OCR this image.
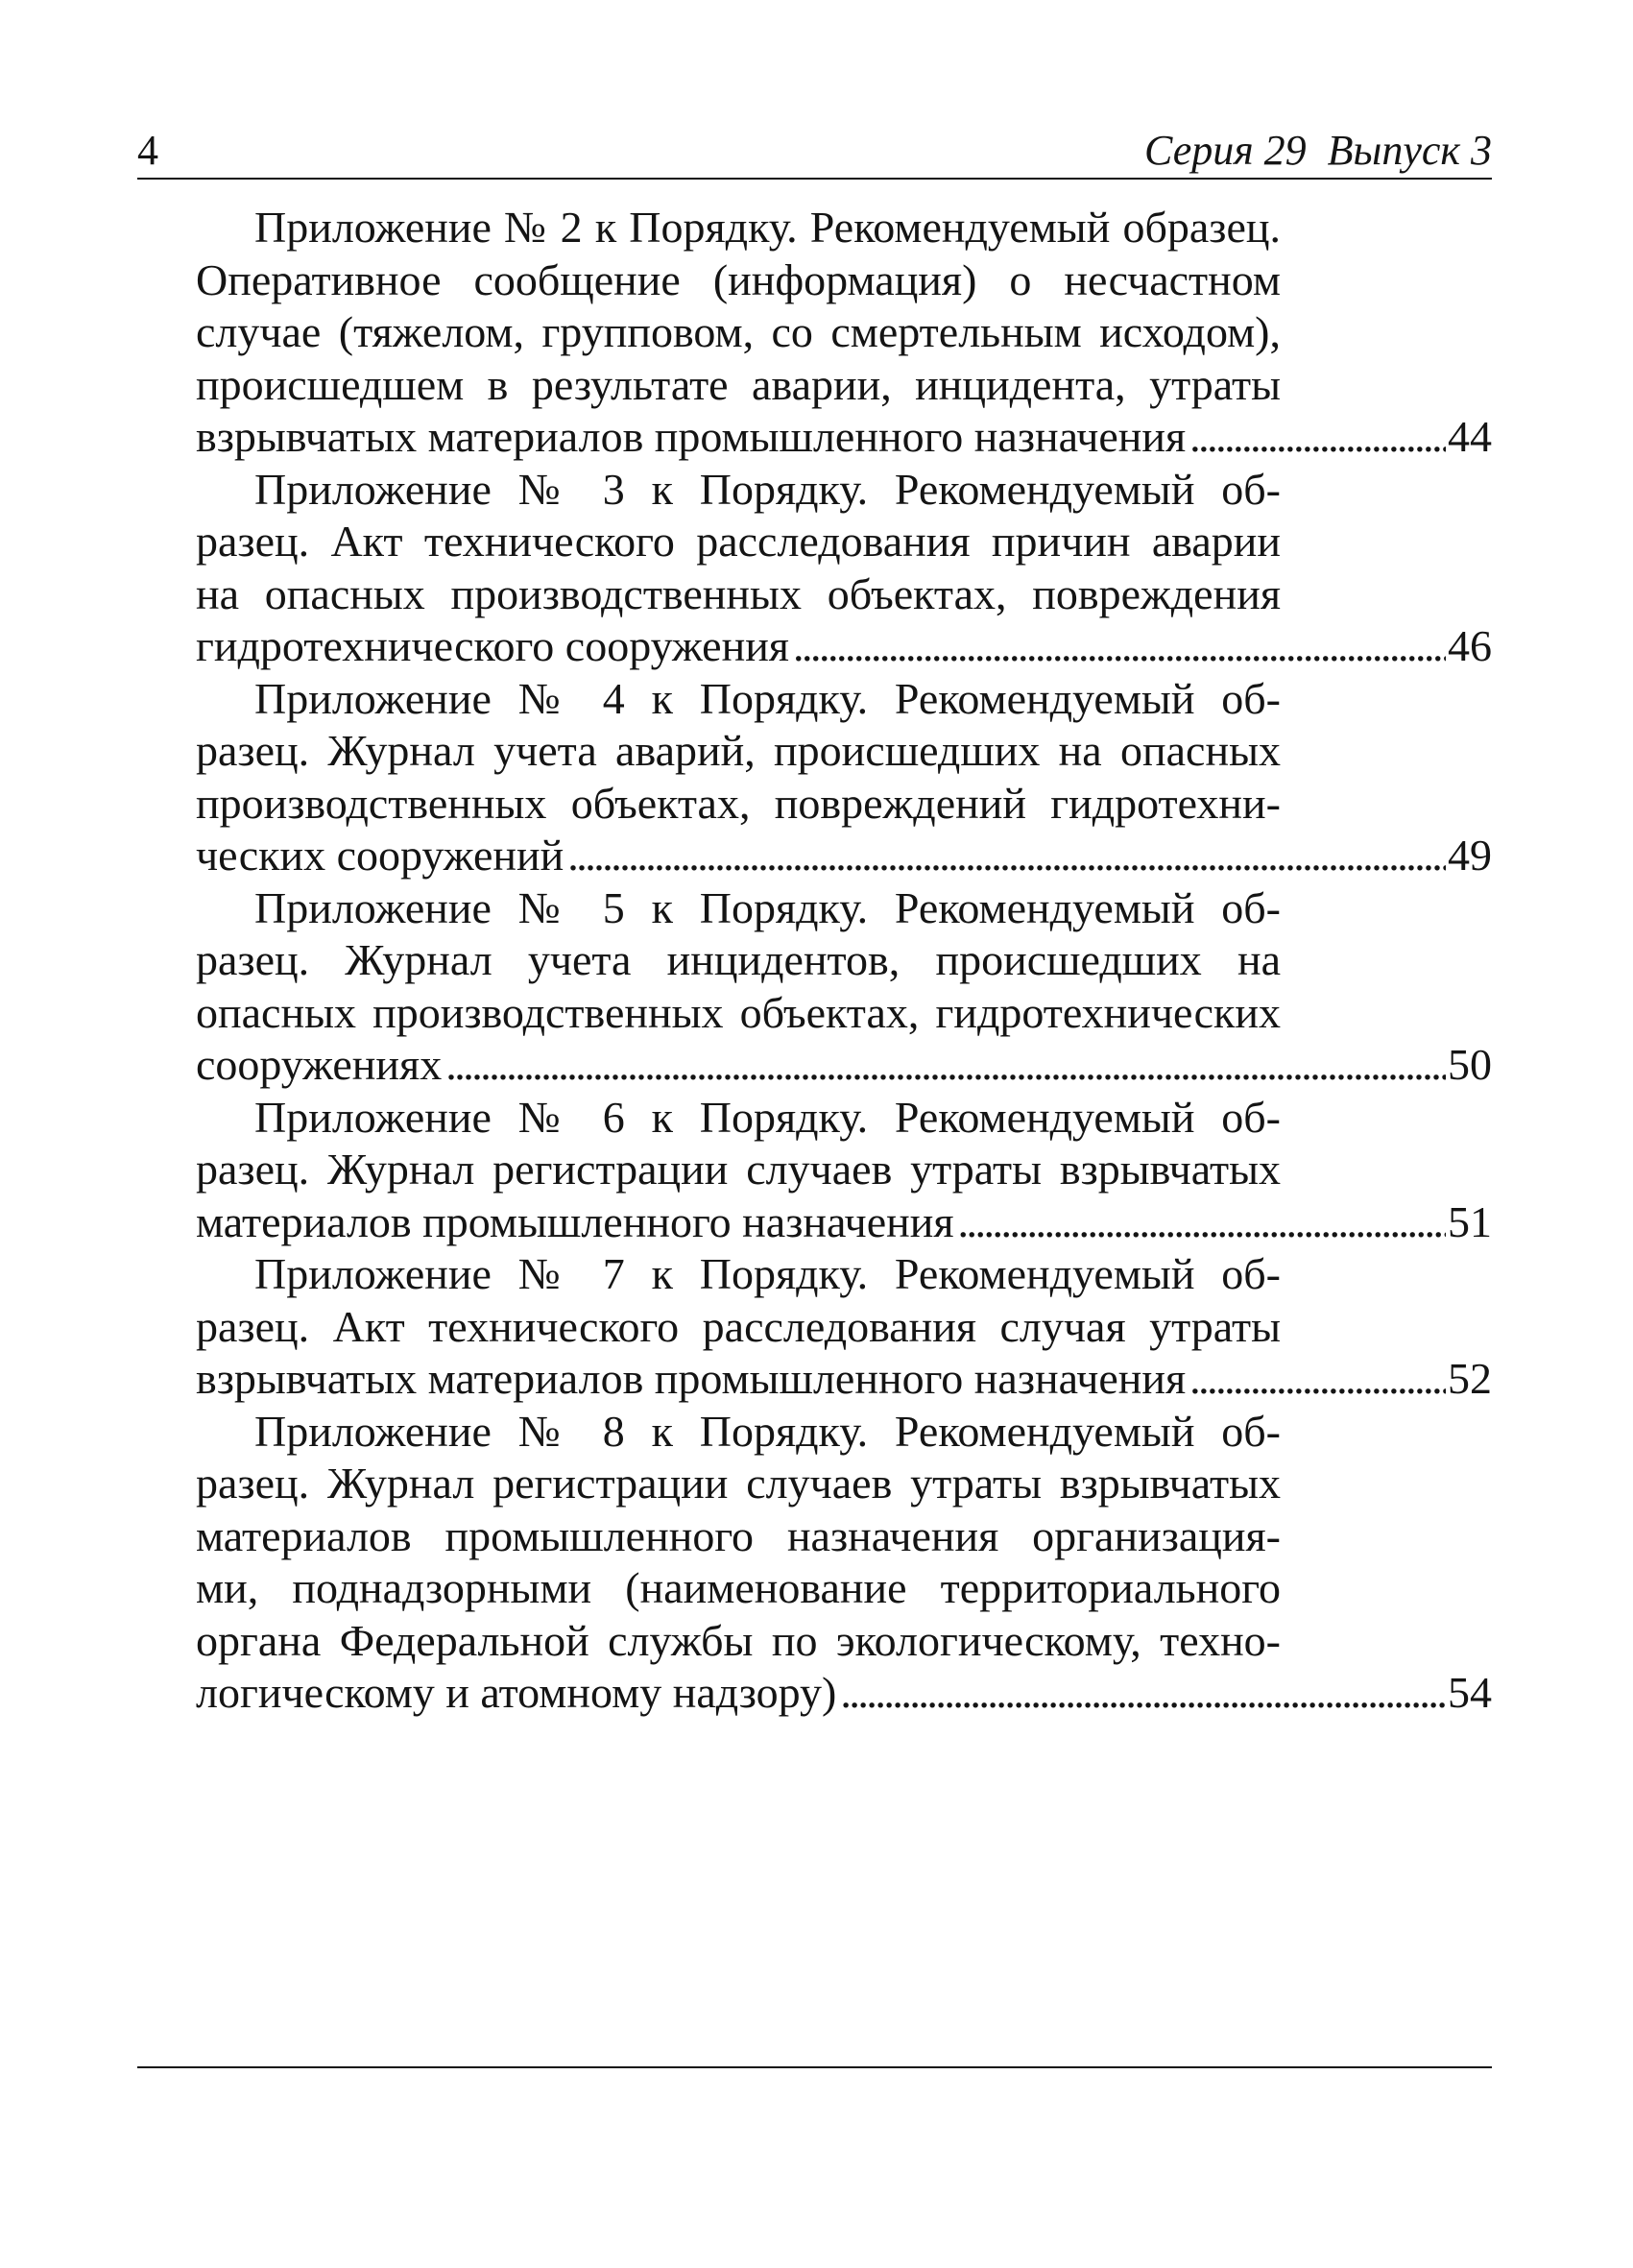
4	Серия 29  Выпуск 3
Приложение № 2 к Порядку. Рекомендуемый образец.
Оперативное сообщение (информация) о несчастном
случае (тяжелом, групповом, со смертельным исходом),
происшедшем в результате аварии, инцидента, утраты
взрывчатых материалов промышленного назначения . . .	44
Приложение № 3 к Порядку. Рекомендуемый об-
разец. Акт технического расследования причин аварии
на опасных производственных объектах, повреждения
гидротехнического сооружения . . .	46
Приложение № 4 к Порядку. Рекомендуемый об-
разец. Журнал учета аварий, происшедших на опасных
производственных объектах, повреждений гидротехни-
ческих сооружений . . .	49
Приложение № 5 к Порядку. Рекомендуемый об-
разец. Журнал учета инцидентов, происшедших на
опасных производственных объектах, гидротехнических
сооружениях . . .	50
Приложение № 6 к Порядку. Рекомендуемый об-
разец. Журнал регистрации случаев утраты взрывчатых
материалов промышленного назначения . . .	51
Приложение № 7 к Порядку. Рекомендуемый об-
разец. Акт технического расследования случая утраты
взрывчатых материалов промышленного назначения . . .	52
Приложение № 8 к Порядку. Рекомендуемый об-
разец. Журнал регистрации случаев утраты взрывчатых
материалов промышленного назначения организация-
ми, поднадзорными (наименование территориального
органа Федеральной службы по экологическому, техно-
логическому и атомному надзору) . . .	54
